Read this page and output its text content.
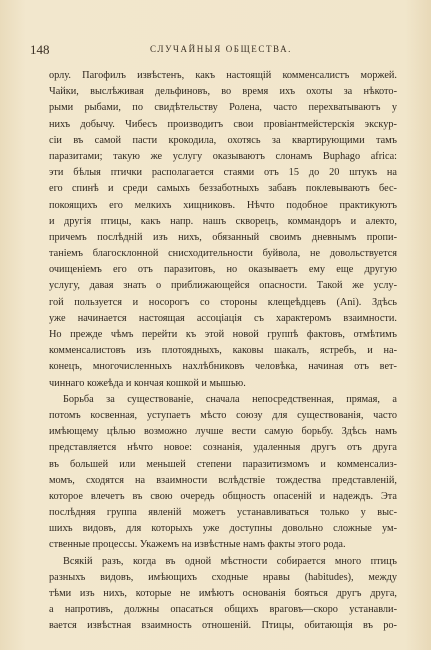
148	СЛУЧАЙНЫЯ ОБЩЕСТВА.
орлу. Пагофилъ извѣстенъ, какъ настоящій комменсалистъ моржей.
Чайки, выслѣживая дельфиновъ, во время ихъ охоты за нѣкото-
рыми рыбами, по свидѣтельству Ролена, часто перехватываютъ у
нихъ добычу. Чибесъ производитъ свои провіантмейстерскія экскур-
сіи въ самой пасти крокодила, охотясь за квартирующими тамъ
паразитами; такую же услугу оказываютъ слонамъ Buphago africa:
эти бѣлыя птички располагается стаями отъ 15 до 20 штукъ на
его спинѣ и среди самыхъ беззаботныхъ забавъ поклевываютъ бес-
покоящихъ его мелкихъ хищниковъ. Нѣчто подобное практикуютъ
и другія птицы, какъ напр. нашъ скворецъ, коммандоръ и алекто,
причемъ послѣдній изъ нихъ, обязанный своимъ дневнымъ пропи-
таніемъ благосклонной снисходительности буйвола, не довольствуется
очищеніемъ его отъ паразитовъ, но оказываетъ ему еще другую
услугу, давая знать о приближающейся опасности. Такой же услу-
гой пользуется и носорогъ со стороны клещеѣдцевъ (Ani). Здѣсь
уже начинается настоящая ассоціація съ характеромъ взаимности.
Но прежде чѣмъ перейти къ этой новой группѣ фактовъ, отмѣтимъ
комменсалистовъ изъ плотоядныхъ, каковы шакалъ, ястребъ, и на-
конецъ, многочисленныхъ нахлѣбниковъ человѣка, начиная отъ вет-
чиннаго кожеѣда и кончая кошкой и мышью.
Борьба за существованіе, сначала непосредственная, прямая, а
потомъ косвенная, уступаетъ мѣсто союзу для существованія, часто
имѣющему цѣлью возможно лучше вести самую борьбу. Здѣсь намъ
представляется нѣчто новое: сознанія, удаленныя другъ отъ друга
въ большей или меньшей степени паразитизмомъ и комменсализ-
момъ, сходятся на взаимности вслѣдствіе тождества представленій,
которое влечетъ въ свою очередь общность опасеній и надеждъ. Эта
послѣдняя группа явленій можетъ устанавливаться только у выс-
шихъ видовъ, для которыхъ уже доступны довольно сложные ум-
ственные процессы. Укажемъ на извѣстные намъ факты этого рода.
Всякій разъ, когда въ одной мѣстности собирается много птицъ
разныхъ видовъ, имѣющихъ сходные нравы (habitudes), между
тѣми изъ нихъ, которые не имѣютъ основанія бояться другъ друга,
а напротивъ, должны опасаться общихъ враговъ—скоро устанавли-
вается извѣстная взаимность отношеній. Птицы, обитающія въ ро-
